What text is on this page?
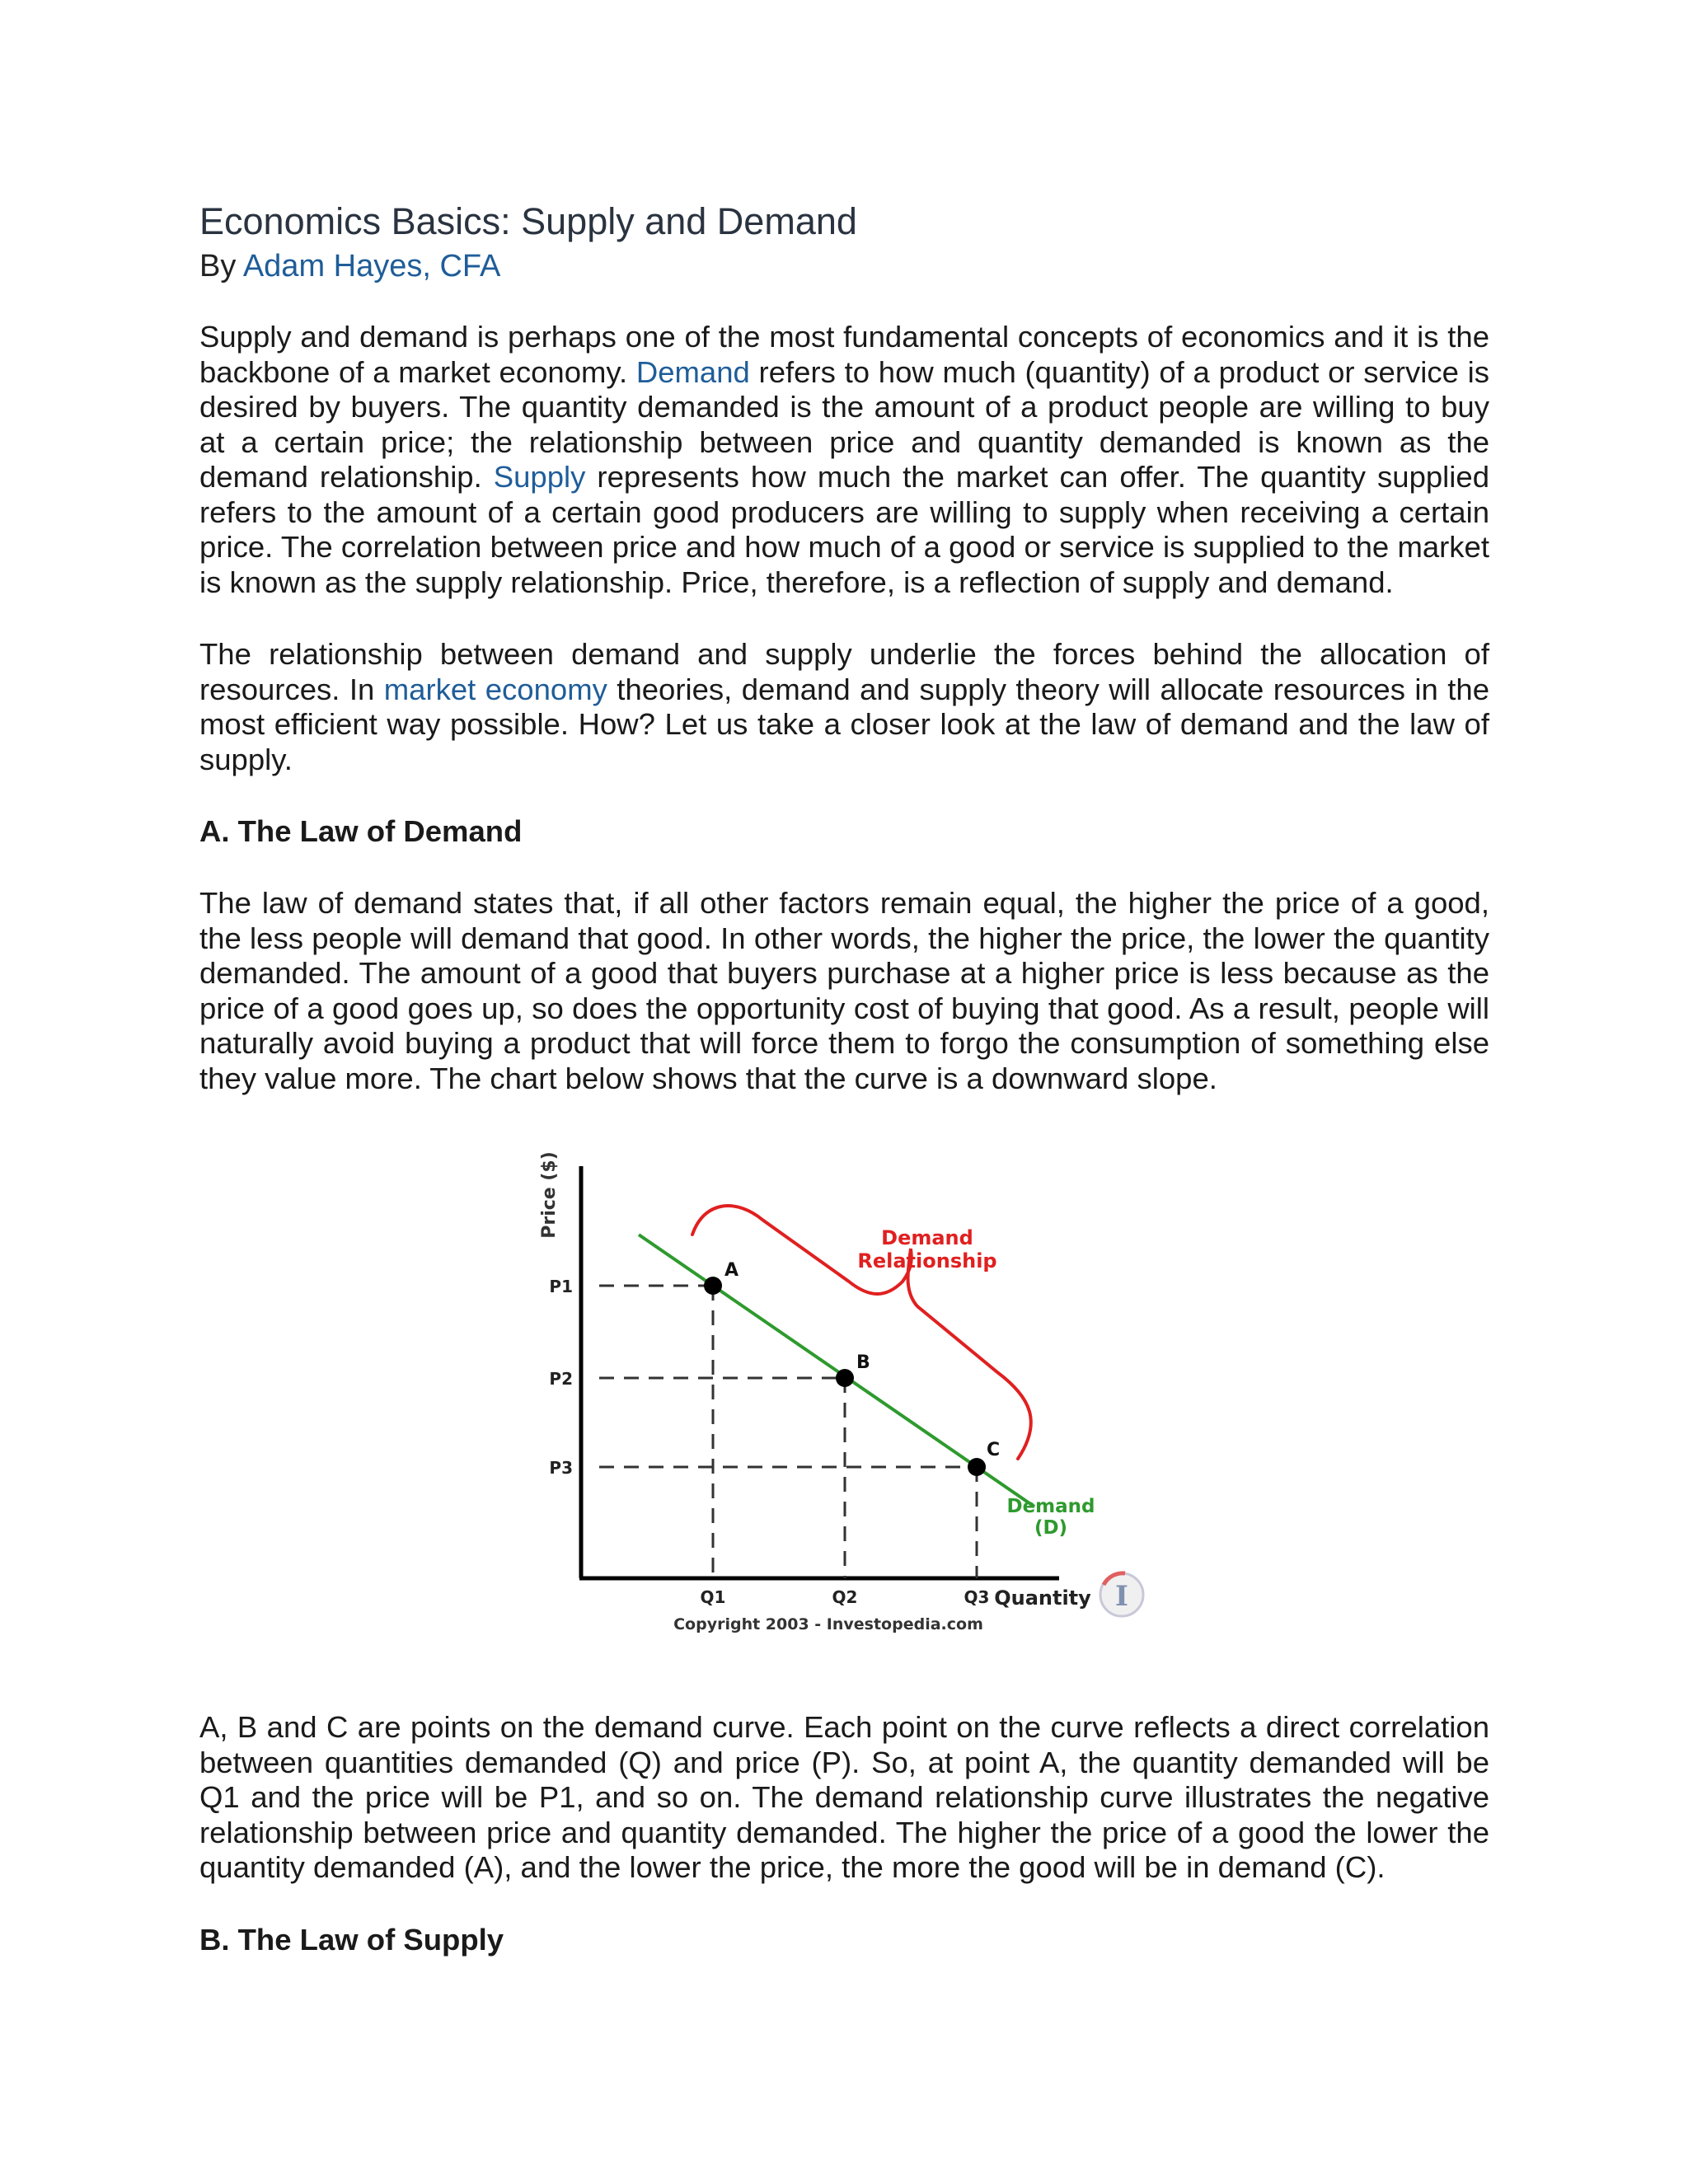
Economics Basics: Supply and Demand
By Adam Hayes, CFA

Supply and demand is perhaps one of the most fundamental concepts of economics and it is the backbone of a market economy. Demand refers to how much (quantity) of a product or service is desired by buyers. The quantity demanded is the amount of a product people are willing to buy at a certain price; the relationship between price and quantity demanded is known as the demand relationship. Supply represents how much the market can offer. The quantity supplied refers to the amount of a certain good producers are willing to supply when receiving a certain price. The correlation between price and how much of a good or service is supplied to the market is known as the supply relationship. Price, therefore, is a reflection of supply and demand.

The relationship between demand and supply underlie the forces behind the allocation of resources. In market economy theories, demand and supply theory will allocate resources in the most efficient way possible. How? Let us take a closer look at the law of demand and the law of supply.

A. The Law of Demand

The law of demand states that, if all other factors remain equal, the higher the price of a good, the less people will demand that good. In other words, the higher the price, the lower the quantity demanded. The amount of a good that buyers purchase at a higher price is less because as the price of a good goes up, so does the opportunity cost of buying that good. As a result, people will naturally avoid buying a product that will force them to forgo the consumption of something else they value more. The chart below shows that the curve is a downward slope.

Price ($)
Copyright 2003 - Investopedia.com
I
A
B
C
P1
P2
P3
Q1	Q2	Q3 Quantity
Demand
(D)
Demand
Relationship

A, B and C are points on the demand curve. Each point on the curve reflects a direct correlation between quantities demanded (Q) and price (P). So, at point A, the quantity demanded will be Q1 and the price will be P1, and so on. The demand relationship curve illustrates the negative relationship between price and quantity demanded. The higher the price of a good the lower the quantity demanded (A), and the lower the price, the more the good will be in demand (C).

B. The Law of Supply
